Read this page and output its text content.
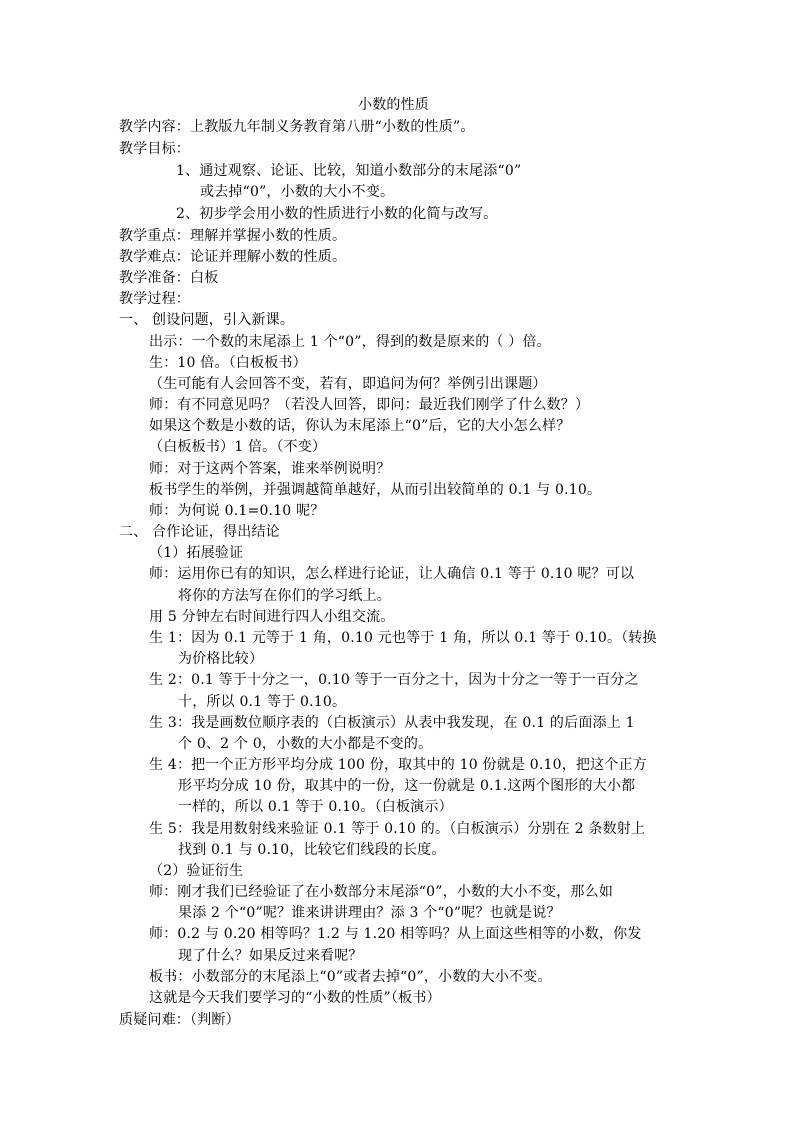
小数的性质
教学内容：上教版九年制义务教育第八册“小数的性质”。
教学目标：
1、通过观察、论证、比较，知道小数部分的末尾添“0”
或去掉“0”，小数的大小不变。
2、初步学会用小数的性质进行小数的化简与改写。
教学重点：理解并掌握小数的性质。
教学难点：论证并理解小数的性质。
教学准备：白板
教学过程：
一、 创设问题，引入新课。
出示：一个数的末尾添上 1 个“0”，得到的数是原来的（ ）倍。
生：10 倍。（白板板书）
（生可能有人会回答不变，若有，即追问为何？举例引出课题）
师：有不同意见吗？（若没人回答，即问：最近我们刚学了什么数？）
如果这个数是小数的话，你认为末尾添上“0”后，它的大小怎么样？
（白板板书）1 倍。（不变）
师：对于这两个答案，谁来举例说明？
板书学生的举例，并强调越简单越好，从而引出较简单的 0.1 与 0.10。
师：为何说 0.1=0.10 呢？
二、 合作论证，得出结论
（1）拓展验证
师：运用你已有的知识，怎么样进行论证，让人确信 0.1 等于 0.10 呢？可以
将你的方法写在你们的学习纸上。
用 5 分钟左右时间进行四人小组交流。
生 1：因为 0.1 元等于 1 角，0.10 元也等于 1 角，所以 0.1 等于 0.10。（转换
为价格比较）
生 2：0.1 等于十分之一，0.10 等于一百分之十，因为十分之一等于一百分之
十，所以 0.1 等于 0.10。
生 3：我是画数位顺序表的（白板演示）从表中我发现，在 0.1 的后面添上 1
个 0、2 个 0，小数的大小都是不变的。
生 4：把一个正方形平均分成 100 份，取其中的 10 份就是 0.10，把这个正方
形平均分成 10 份，取其中的一份，这一份就是 0.1.这两个图形的大小都
一样的，所以 0.1 等于 0.10。（白板演示）
生 5：我是用数射线来验证 0.1 等于 0.10 的。（白板演示）分别在 2 条数射上
找到 0.1 与 0.10，比较它们线段的长度。
（2）验证衍生
师：刚才我们已经验证了在小数部分末尾添“0”，小数的大小不变，那么如
果添 2 个“0”呢？谁来讲讲理由？添 3 个“0”呢？也就是说？
师：0.2 与 0.20 相等吗？1.2 与 1.20 相等吗？从上面这些相等的小数，你发
现了什么？如果反过来看呢？
板书：小数部分的末尾添上“0”或者去掉“0”，小数的大小不变。
这就是今天我们要学习的“小数的性质”（板书）
质疑问难：（判断）
